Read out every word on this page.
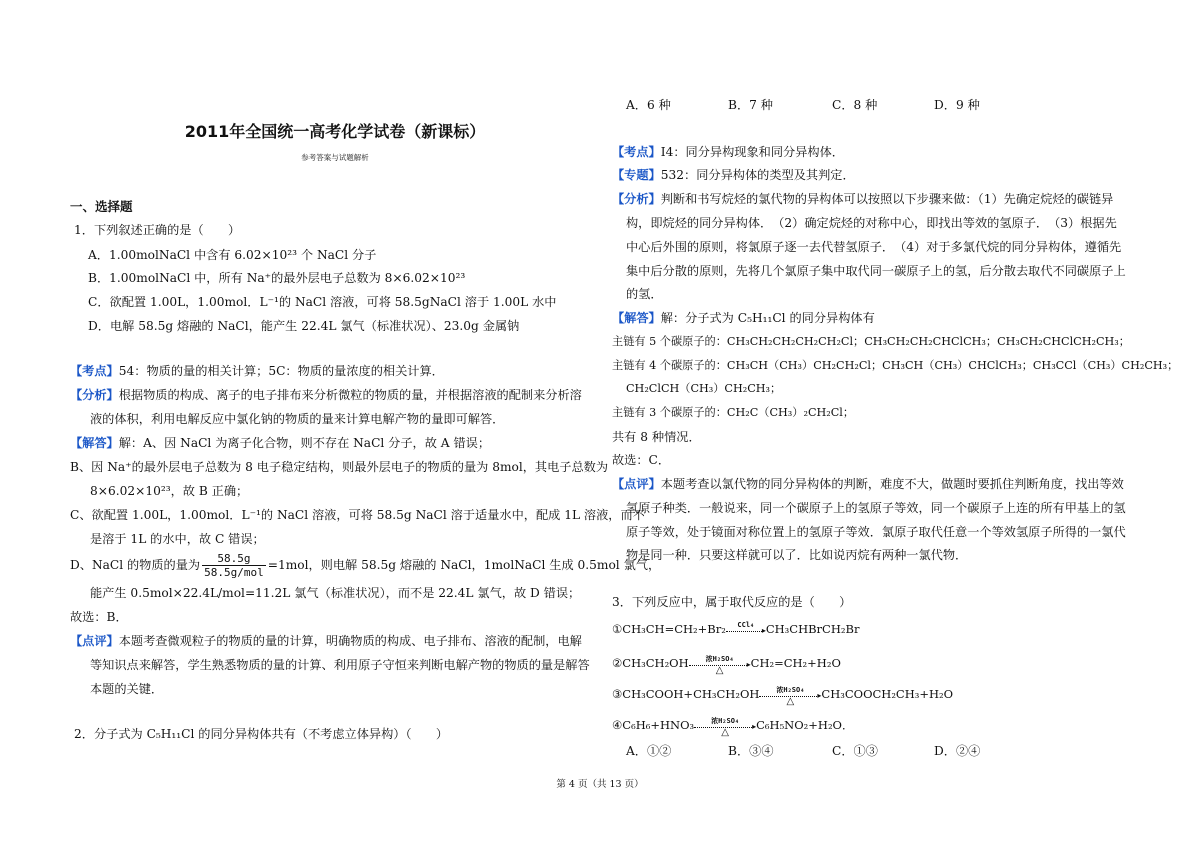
2011年全国统一高考化学试卷（新课标）
参考答案与试题解析
一、选择题
1．下列叙述正确的是（　　）
A．1.00molNaCl 中含有 6.02×10²³ 个 NaCl 分子
B．1.00molNaCl 中，所有 Na⁺的最外层电子总数为 8×6.02×10²³
C．欲配置 1.00L，1.00mol．L⁻¹的 NaCl 溶液，可将 58.5gNaCl 溶于 1.00L 水中
D．电解 58.5g 熔融的 NaCl，能产生 22.4L 氯气（标准状况）、23.0g 金属钠
【考点】54：物质的量的相关计算；5C：物质的量浓度的相关计算．
【分析】根据物质的构成、离子的电子排布来分析微粒的物质的量，并根据溶液的配制来分析溶
液的体积，利用电解反应中氯化钠的物质的量来计算电解产物的量即可解答．
【解答】解：A、因 NaCl 为离子化合物，则不存在 NaCl 分子，故 A 错误；
B、因 Na⁺的最外层电子总数为 8 电子稳定结构，则最外层电子的物质的量为 8mol，其电子总数为
8×6.02×10²³，故 B 正确；
C、欲配置 1.00L，1.00mol．L⁻¹的 NaCl 溶液，可将 58.5g NaCl 溶于适量水中，配成 1L 溶液，而不
是溶于 1L 的水中，故 C 错误；
D、NaCl 的物质的量为 $\frac{58.5g}{\text{58.5g/mol}} =1mol$，则电解 58.5g 熔融的 NaCl，1molNaCl 生成 0.5mol 氯气，
能产生 0.5mol×22.4L/mol=11.2L 氯气（标准状况），而不是 22.4L 氯气，故 D 错误；
故选：B．
【点评】本题考查微观粒子的物质的量的计算，明确物质的构成、电子排布、溶液的配制，电解
等知识点来解答，学生熟悉物质的量的计算、利用原子守恒来判断电解产物的物质的量是解答
本题的关键．
2．分子式为 C₅H₁₁Cl 的同分异构体共有（不考虑立体异构）（　　）
A．6 种	B．7 种	C．8 种	D．9 种
【考点】I4：同分异构现象和同分异构体．
【专题】532：同分异构体的类型及其判定．
【分析】判断和书写烷烃的氯代物的异构体可以按照以下步骤来做：（1）先确定烷烃的碳链异
构，即烷烃的同分异构体．　（2）确定烷烃的对称中心，即找出等效的氢原子．　（3）根据先
中心后外围的原则，将氯原子逐一去代替氢原子．　（4）对于多氯代烷的同分异构体，遵循先
集中后分散的原则，先将几个氯原子集中取代同一碳原子上的氢，后分散去取代不同碳原子上
的氢．
【解答】解：分子式为 C₅H₁₁Cl 的同分异构体有
主链有 5 个碳原子的：CH₃CH₂CH₂CH₂CH₂Cl；CH₃CH₂CH₂CHClCH₃；CH₃CH₂CHClCH₂CH₃；
主链有 4 个碳原子的：CH₃CH（CH₃）CH₂CH₂Cl；CH₃CH（CH₃）CHClCH₃；CH₃CCl（CH₃）CH₂CH₃；
CH₂ClCH（CH₃）CH₂CH₃；
主链有 3 个碳原子的：CH₂C（CH₃）₂CH₂Cl；
共有 8 种情况．
故选：C．
【点评】本题考查以氯代物的同分异构体的判断，难度不大，做题时要抓住判断角度，找出等效
氢原子种类．一般说来，同一个碳原子上的氢原子等效，同一个碳原子上连的所有甲基上的氢
原子等效，处于镜面对称位置上的氢原子等效．氯原子取代任意一个等效氢原子所得的一氯代
物是同一种．只要这样就可以了．比如说丙烷有两种一氯代物．
3．下列反应中，属于取代反应的是（　　）
①CH₃CH=CH₂+Br₂	CCl₄
▸ CH₃CHBrCH₂Br
②CH₃CH₂OH	浓H₂SO₄
▸
△
CH₂=CH₂+H₂O
③CH₃COOH+CH₃CH₂OH	浓H₂SO₄
▸
△
CH₃COOCH₂CH₃+H₂O
④C₆H₆+HNO₃	浓H₂SO₄
▸
△
C₆H₅NO₂+H₂O．
A．①②	B．③④	C．①③	D．②④
第 4 页（共 13 页）
